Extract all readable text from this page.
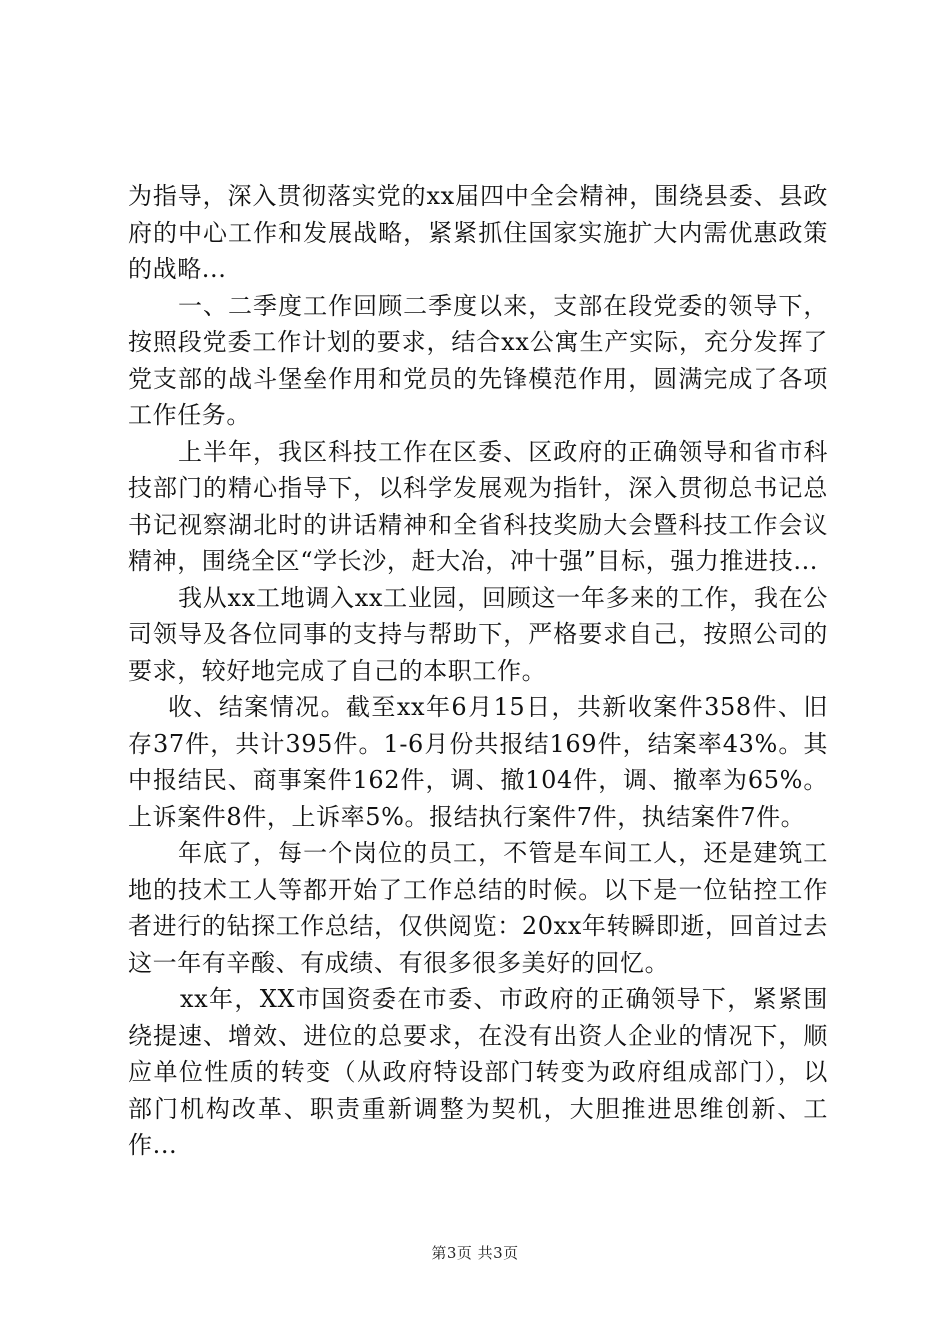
为指导，深入贯彻落实党的xx届四中全会精神，围绕县委、县政府的中心工作和发展战略，紧紧抓住国家实施扩大内需优惠政策的战略...

一、二季度工作回顾二季度以来，支部在段党委的领导下，按照段党委工作计划的要求，结合xx公寓生产实际，充分发挥了党支部的战斗堡垒作用和党员的先锋模范作用，圆满完成了各项工作任务。

上半年，我区科技工作在区委、区政府的正确领导和省市科技部门的精心指导下，以科学发展观为指针，深入贯彻总书记总书记视察湖北时的讲话精神和全省科技奖励大会暨科技工作会议精神，围绕全区“学长沙，赶大冶，冲十强”目标，强力推进技...

我从xx工地调入xx工业园，回顾这一年多来的工作，我在公司领导及各位同事的支持与帮助下，严格要求自己，按照公司的要求，较好地完成了自己的本职工作。

收、结案情况。截至xx年6月15日，共新收案件358件、旧存37件，共计395件。1-6月份共报结169件，结案率43%。其中报结民、商事案件162件，调、撤104件，调、撤率为65%。上诉案件8件，上诉率5%。报结执行案件7件，执结案件7件。

年底了，每一个岗位的员工，不管是车间工人，还是建筑工地的技术工人等都开始了工作总结的时候。以下是一位钻控工作者进行的钻探工作总结，仅供阅览：20xx年转瞬即逝，回首过去这一年有辛酸、有成绩、有很多很多美好的回忆。

xx年，XX市国资委在市委、市政府的正确领导下，紧紧围绕提速、增效、进位的总要求，在没有出资人企业的情况下，顺应单位性质的转变（从政府特设部门转变为政府组成部门），以部门机构改革、职责重新调整为契机，大胆推进思维创新、工作...

第3页 共3页
